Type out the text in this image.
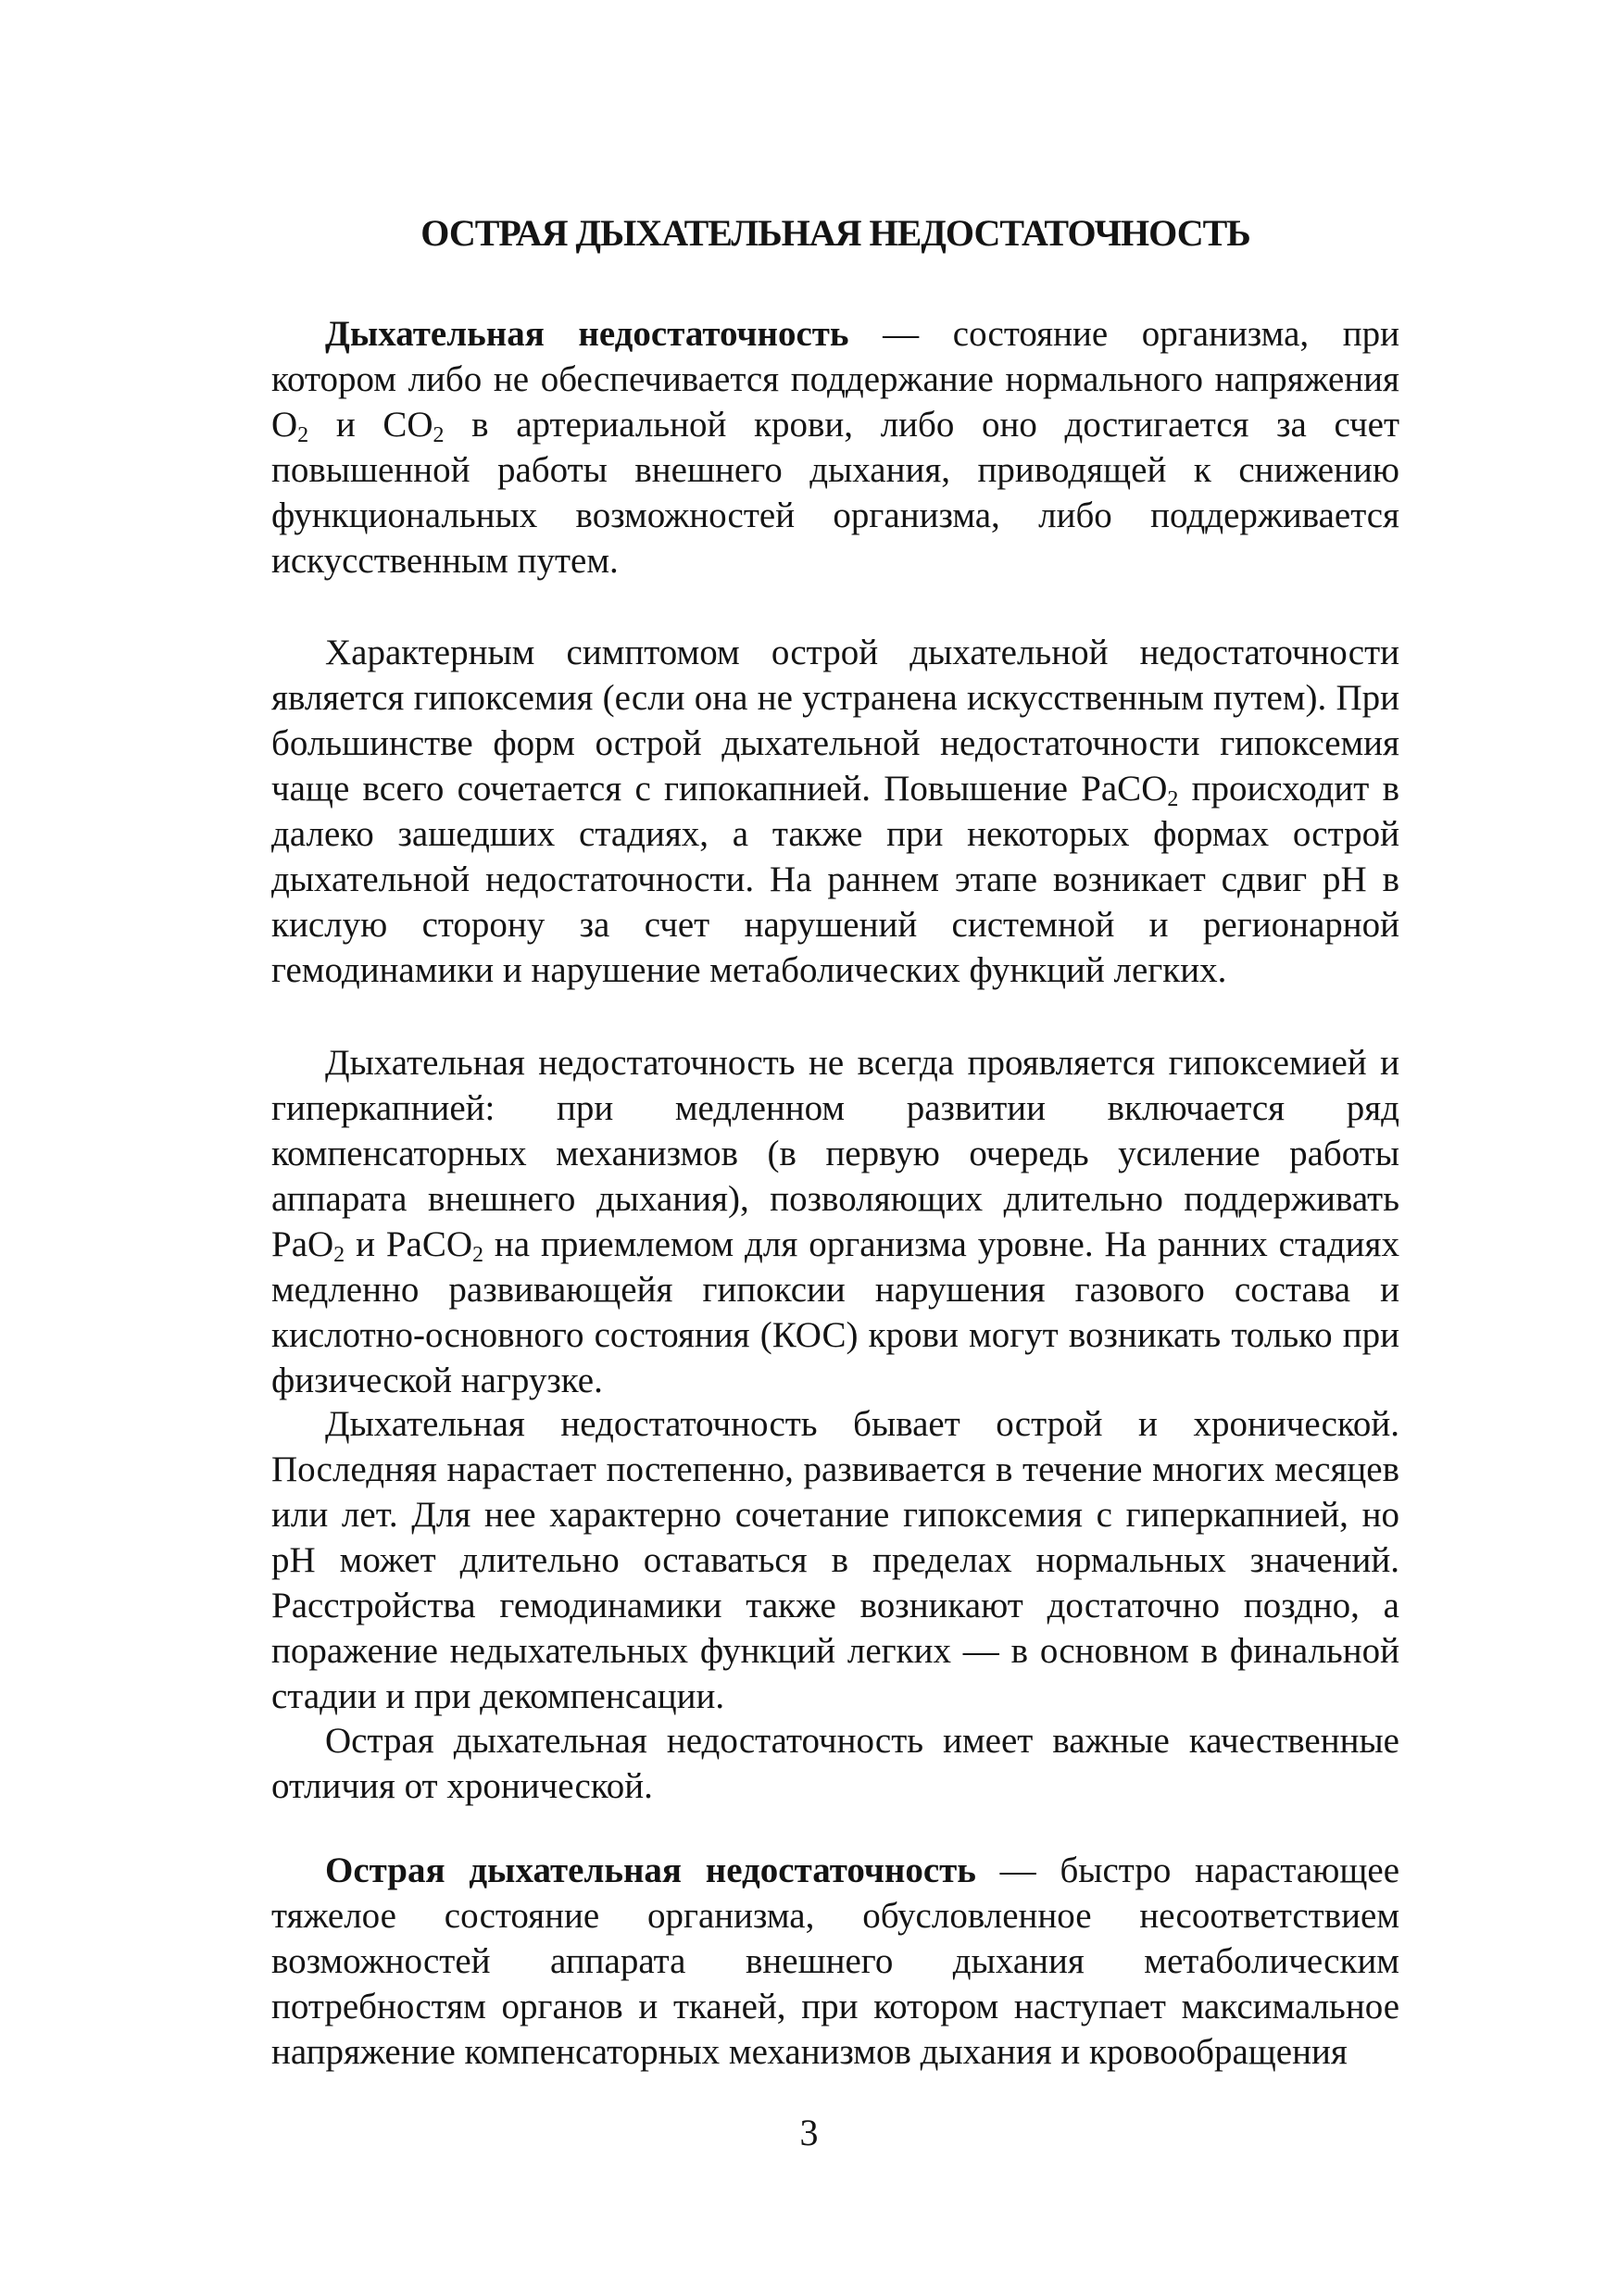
ОСТРАЯ ДЫХАТЕЛЬНАЯ НЕДОСТАТОЧНОСТЬ

Дыхательная недостаточность — состояние организма, при котором либо не обеспечивается поддержание нормального напряжения $O_2$ и $CO_2$ в артериальной крови, либо оно достигается за счет повышенной работы внешнего дыхания, приводящей к снижению функциональных возможностей организма, либо поддерживается искусственным путем.

Характерным симптомом острой дыхательной недостаточности является гипоксемия (если она не устранена искусственным путем). При большинстве форм острой дыхательной недостаточности гипоксемия чаще всего сочетается с гипокапнией. Повышение PaCO$_2$ происходит в далеко зашедших стадиях, а также при некоторых формах острой дыхательной недостаточности. На раннем этапе возникает сдвиг pH в кислую сторону за счет нарушений системной и регионарной гемодинамики и нарушение метаболических функций легких.

Дыхательная недостаточность не всегда проявляется гипоксемией и гиперкапнией: при медленном развитии включается ряд компенсаторных механизмов (в первую очередь усиление работы аппарата внешнего дыхания), позволяющих длительно поддерживать PaO$_2$ и PaCO$_2$ на приемлемом для организма уровне. На ранних стадиях медленно развивающейя гипоксии нарушения газового состава и кислотно-основного состояния (КОС) крови могут возникать только при физической нагрузке.

Дыхательная недостаточность бывает острой и хронической. Последняя нарастает постепенно, развивается в течение многих месяцев или лет. Для нее характерно сочетание гипоксемия с гиперкапнией, но pH может длительно оставаться в пределах нормальных значений. Расстройства гемодинамики также возникают достаточно поздно, а поражение недыхательных функций легких — в основном в финальной стадии и при декомпенсации.

Острая дыхательная недостаточность имеет важные качественные отличия от хронической.

Острая дыхательная недостаточность — быстро нарастающее тяжелое состояние организма, обусловленное несоответствием возможностей аппарата внешнего дыхания метаболическим потребностям органов и тканей, при котором наступает максимальное напряжение компенсаторных механизмов дыхания и кровообращения

3
